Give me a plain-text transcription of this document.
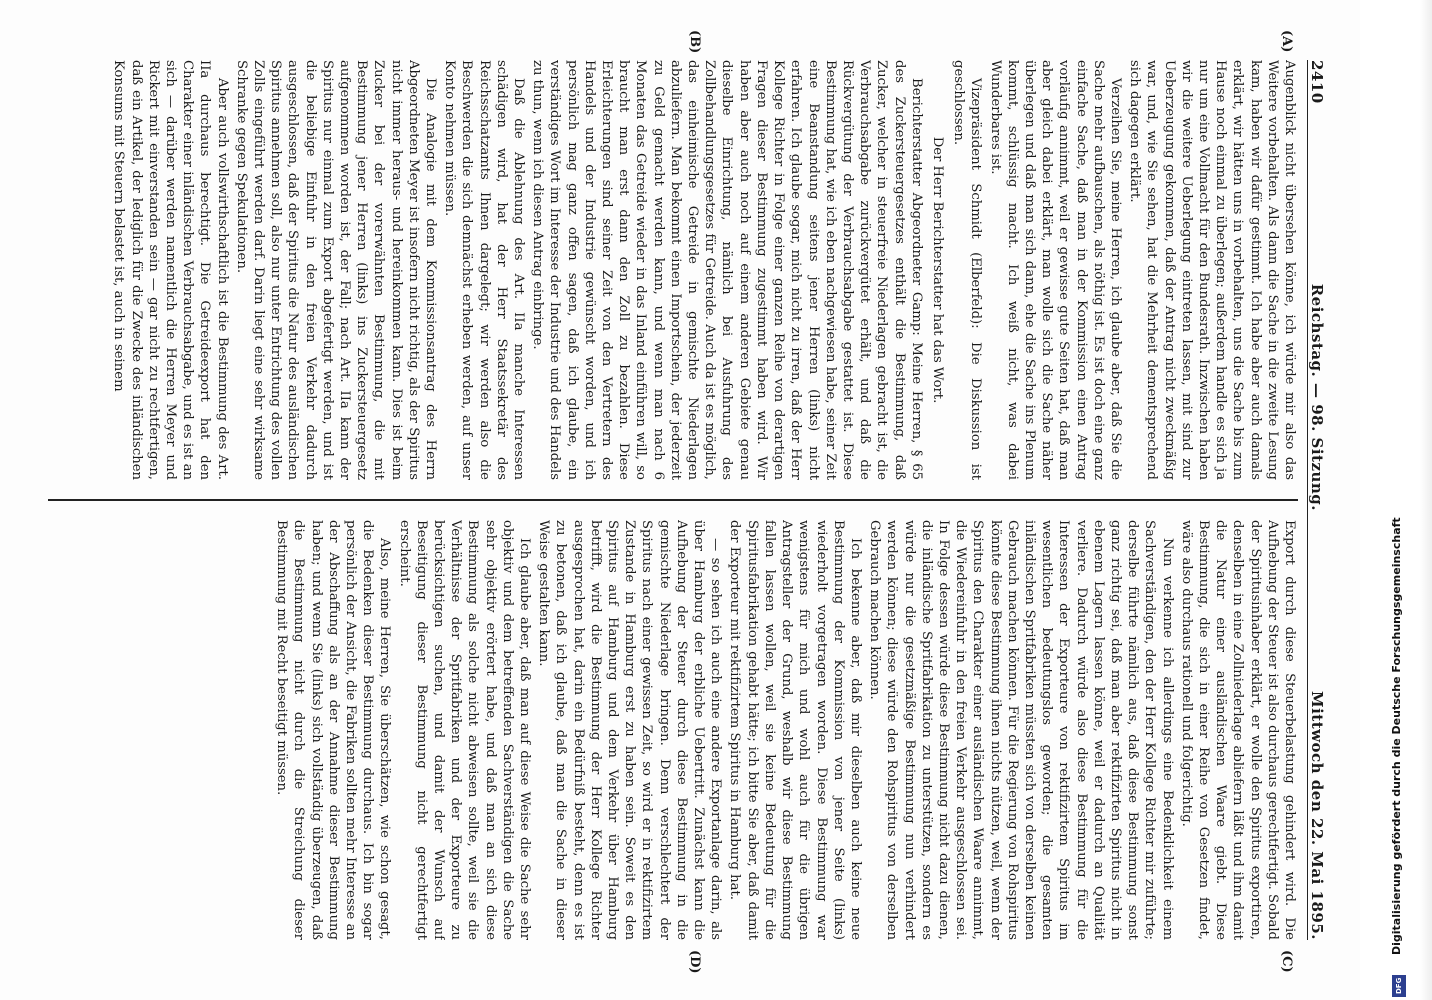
2410
Reichstag. — 98. Sitzung.
Mittwoch den 22. Mai 1895.
(A)
(B)
(C)
(D)

Augenblick nicht übersehen könne, ich würde mir also das Weitere vorbehalten. Als dann die Sache in die zweite Lesung kam, haben wir dafür gestimmt. Ich habe aber auch damals erklärt, wir hätten uns in vorbehalten, uns die Sache bis zum Hause noch einmal zu überlegen; außerdem handle es sich ja nur um eine Vollmacht für den Bundesrath. Inzwischen haben wir die weitere Ueberlegung eintreten lassen, mit sind zur Ueberzeugung gekommen, daß der Antrag nicht zweckmäßig war, und, wie Sie sehen, hat die Mehrheit dementsprechend sich dagegen erklärt.

Verzeihen Sie, meine Herren, ich glaube aber, daß Sie die Sache mehr aufbauschen, als nöthig ist. Es ist doch eine ganz einfache Sache, daß man in der Kommission einen Antrag vorläufig annimmt, weil er gewisse gute Seiten hat, daß man aber gleich dabei erklärt, man wolle sich die Sache näher überlegen und daß man sich dann, ehe die Sache ins Plenum kommt, schlüssig macht. Ich weiß nicht, was dabei Wunderbares ist.

Vizepräsident Schmidt (Elberfeld): Die Diskussion ist geschlossen.

Der Herr Berichterstatter hat das Wort.

Berichterstatter Abgeordneter Gamp: Meine Herren, § 65 des Zuckersteuergesetzes enthält die Bestimmung, daß Zucker, welcher in steuerfreie Niederlagen gebracht ist, die Verbrauchsabgabe zurückvergütet erhält, und daß die Rückvergütung der Verbrauchsabgabe gestattet ist. Diese Bestimmung hat, wie ich eben nachgewiesen habe, seiner Zeit eine Beanstandung seitens jener Herren (links) nicht erfahren. Ich glaube sogar, mich nicht zu irren, daß der Herr Kollege Richter in Folge einer ganzen Reihe von derartigen Fragen dieser Bestimmung zugestimmt haben wird. Wir haben aber auch noch auf einem anderen Gebiete genau dieselbe Einrichtung, nämlich bei Ausfuhrung des Zollbehandlungsgesetzes für Getreide. Auch da ist es möglich, das einheimische Getreide in gemischte Niederlagen abzuliefern. Man bekommt einen Importschein, der jederzeit zu Geld gemacht werden kann, und wenn man nach 6 Monaten das Getreide wieder in das Inland einführen will, so braucht man erst dann den Zoll zu bezahlen. Diese Erleichterungen sind seiner Zeit von den Vertretern des Handels und der Industrie gewünscht worden, und ich persönlich mag ganz offen sagen, daß ich glaube, ein verständiges Wort im Interesse der Industrie und des Handels zu thun, wenn ich diesen Antrag einbringe.

Daß die Ablehnung des Art. IIa manche Interessen schädigen wird, hat der Herr Staatssekretär des Reichsschatzamts Ihnen dargelegt; wir werden also die Beschwerden die sich demnächst erheben werden, auf unser Konto nehmen müssen.

Die Analogie mit dem Kommissionsantrag des Herrn Abgeordneten Meyer ist insofern nicht richtig, als der Spiritus nicht immer heraus- und hereinkommen kann. Dies ist beim Zucker bei der vorerwähnten Bestimmung, die mit Bestimmung jener Herren (links) ins Zuckersteuergesetz aufgenommen worden ist, der Fall; nach Art. IIa kann der Spiritus nur einmal zum Export abgefertigt werden, und ist die beliebige Einfuhr in den freien Verkehr dadurch ausgeschlossen, daß der Spiritus die Natur des ausländischen Spiritus annehmen soll, also nur unter Entrichtung des vollen Zolls eingeführt werden darf. Darin liegt eine sehr wirksame Schranke gegen Spekulationen.

Aber auch vollswirthschaftlich ist die Bestimmung des Art. IIa durchaus berechtigt. Die Getreideexport hat den Charakter einer inländischen Verbrauchsabgabe, und es ist an sich — darüber werden namentlich die Herren Meyer und Rickert mit einverstanden sein — gar nicht zu rechtfertigen, daß ein Artikel, der lediglich für die Zwecke des inländischen Konsums mit Steuern belastet ist, auch in seinem

Export durch diese Steuerbelastung gehindert wird. Die Aufhebung der Steuer ist also durchaus gerechtfertigt. Sobald der Spiritusinhaber erklärt, er wolle den Spiritus exportiren, denselben in eine Zollniederlage abliefern läßt und ihm damit die Natur einer ausländischen Waare giebt. Diese Bestimmung, die sich in einer Reihe von Gesetzen findet, wäre also durchaus rationell und folgerichtig.

Nun verkenne ich allerdings eine Bedenklichkeit einem Sachverständigen, den der Herr Kollege Richter mir zuführte; derselbe führte nämlich aus, daß diese Bestimmung sonst ganz richtig sei, daß man aber rektifizirten Spiritus nicht in ebenem Lagern lassen könne, weil er dadurch an Qualität verliere. Dadurch würde also diese Bestimmung für die Interessen der Exporteure von rektifizirtem Spiritus im wesentlichen bedeutungslos geworden; die gesamten inländischen Spritfabriken müssten sich von derselben keinen Gebrauch machen können. Für die Regierung von Rohspiritus könnte diese Bestimmung ihnen nichts nützen, weil, wenn der Spiritus den Charakter einer ausländischen Waare annimmt, die Wiedereinfuhr in den freien Verkehr ausgeschlossen sei. In Folge dessen würde diese Bestimmung nicht dazu dienen, die inländische Spritfabrikation zu unterstützen, sondern es würde nur die gesetzmäßige Bestimmung nun verhindert werden können; diese würde den Rohspiritus von derselben Gebrauch machen können.

Ich bekenne aber, daß mir dieselben auch keine neue Bestimmung der Kommission von jener Seite (links) wiederholt vorgetragen worden. Diese Bestimmung war wenigstens für mich und wohl auch für die übrigen Antragsteller der Grund, weshalb wir diese Bestimmung fallen lassen wollen, weil sie keine Bedeutung für die Spiritusfabrikation gehabt hätte; ich bitte Sie aber, daß damit der Exporteur mit rektifizirtem Spiritus in Hamburg hat.

— so sehen ich auch eine andere Exportanlage darin, als über Hamburg der erbliche Uebertritt. Zunächst kann die Aufhebung der Steuer durch diese Bestimmung in die gemischte Niederlage bringen. Denn verschlechtert der Spiritus nach einer gewissen Zeit, so wird er in rektifizirtem Zustande in Hamburg erst zu haben sein. Soweit es den Spiritus auf Hamburg und dem Verkehr über Hamburg betrifft, wird die Bestimmung der Herr Kollege Richter ausgesprochen hat, darin ein Bedürfniß besteht, denn es ist zu betonen, daß ich glaube, daß man die Sache in dieser Weise gestalten kann.

Ich glaube aber, daß man auf diese Weise die Sache sehr objektiv und dem betreffenden Sachverständigen die Sache sehr objektiv erörtert habe, und daß man an sich diese Bestimmung als solche nicht abweisen sollte, weil sie die Verhältnisse der Spritfabriken und der Exporteure zu berücksichtigen suchen, und damit der Wunsch auf Beseitigung dieser Bestimmung nicht gerechtfertigt erscheint.

Also, meine Herren, Sie überschätzen, wie schon gesagt, die Bedenken dieser Bestimmung durchaus. Ich bin sogar persönlich der Ansicht, die Fabriken sollten mehr Interesse an der Abschaffung als an der Annahme dieser Bestimmung haben; und wenn Sie (links) sich vollständig überzeugen, daß die Bestimmung nicht durch die Streichung dieser Bestimmung mit Recht beseitigt müssen.

DFG
Digitalisierung gefördert durch die Deutsche Forschungsgemeinschaft
